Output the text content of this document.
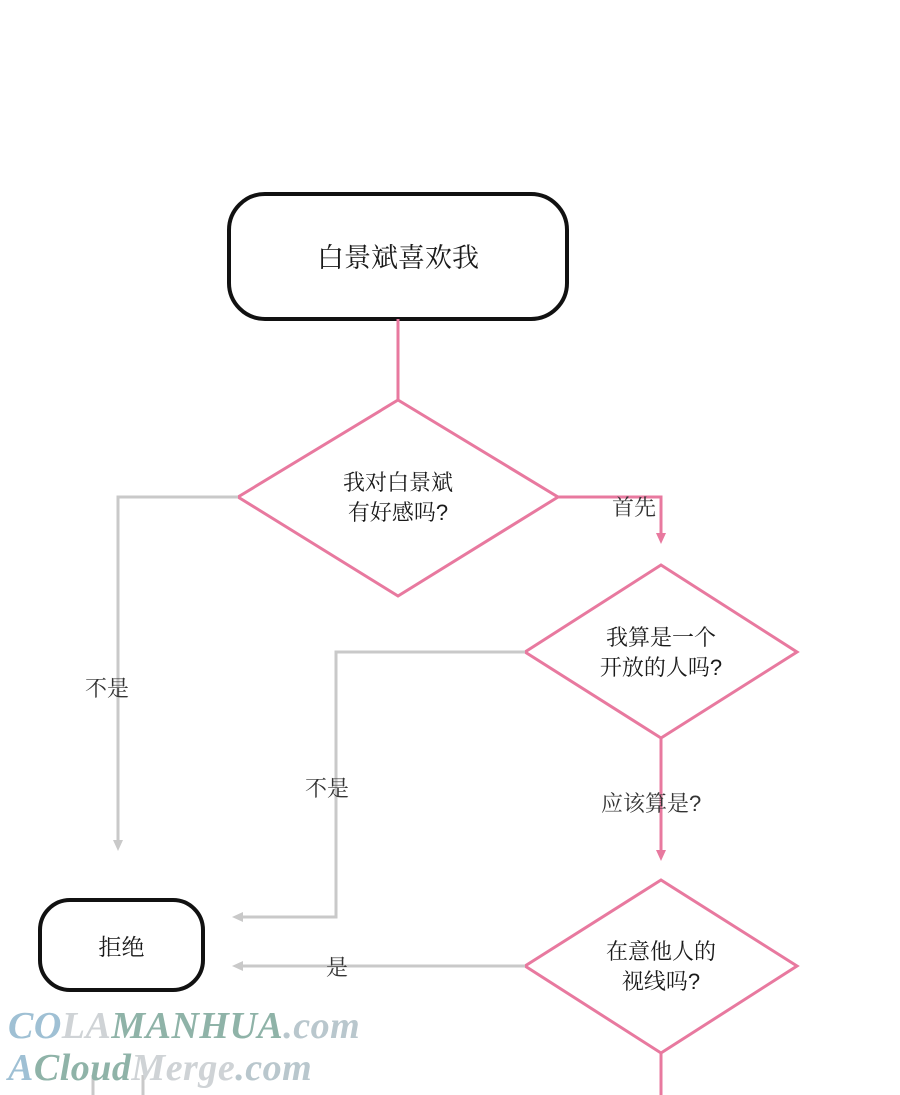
白景斌喜欢我
我对白景斌
有好感吗?
我算是一个
开放的人吗?
在意他人的
视线吗?
拒绝
首先
不是
应该算是?
不是
是
COLAMANHUA.com
ACloudMerge.com
